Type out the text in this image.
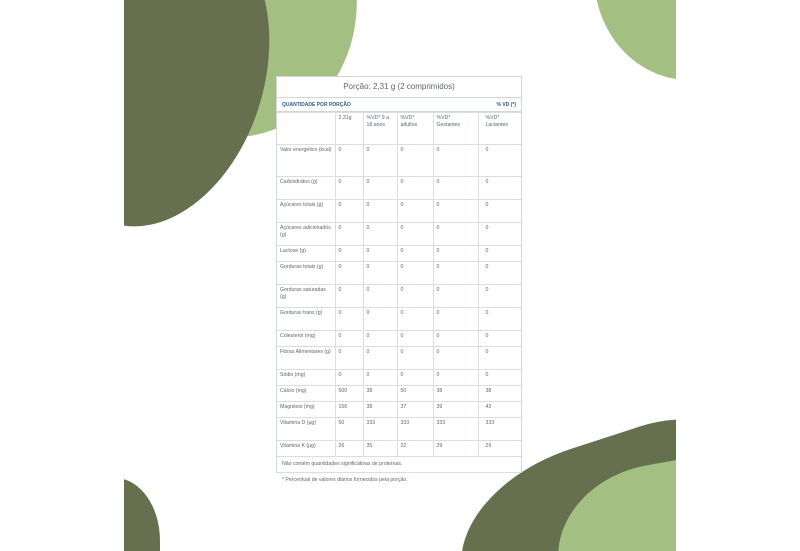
Porção: 2,31 g (2 comprimidos)
QUANTIDADE POR PORÇÃO	% VD (*)
	2,31g	%VD* 9 a 18 anos	%VD* adultos	%VD* Gestantes	%VD* Lactantes
Valor energético (kcal)	0	0	0	0	0
Carboidratos (g)	0	0	0	0	0
Açúcares totais (g)	0	0	0	0	0
Açúcares adicionados (g)	0	0	0	0	0
Lactose (g)	0	0	0	0	0
Gorduras totais (g)	0	0	0	0	0
Gorduras saturadas (g)	0	0	0	0	0
Gorduras trans (g)	0	0	0	0	0
Colesterol (mg)	0	0	0	0	0
Fibras Alimentares (g)	0	0	0	0	0
Sódio (mg)	0	0	0	0	0
Cálcio (mg)	500	38	50	38	38
Magnésio (mg)	156	38	37	39	43
Vitamina D (µg)	50	333	333	333	333
Vitamina K (µg)	26	35	22	29	29
Não contém quantidades significativas de proteínas.
* Percentual de valores diários fornecidos pela porção.
